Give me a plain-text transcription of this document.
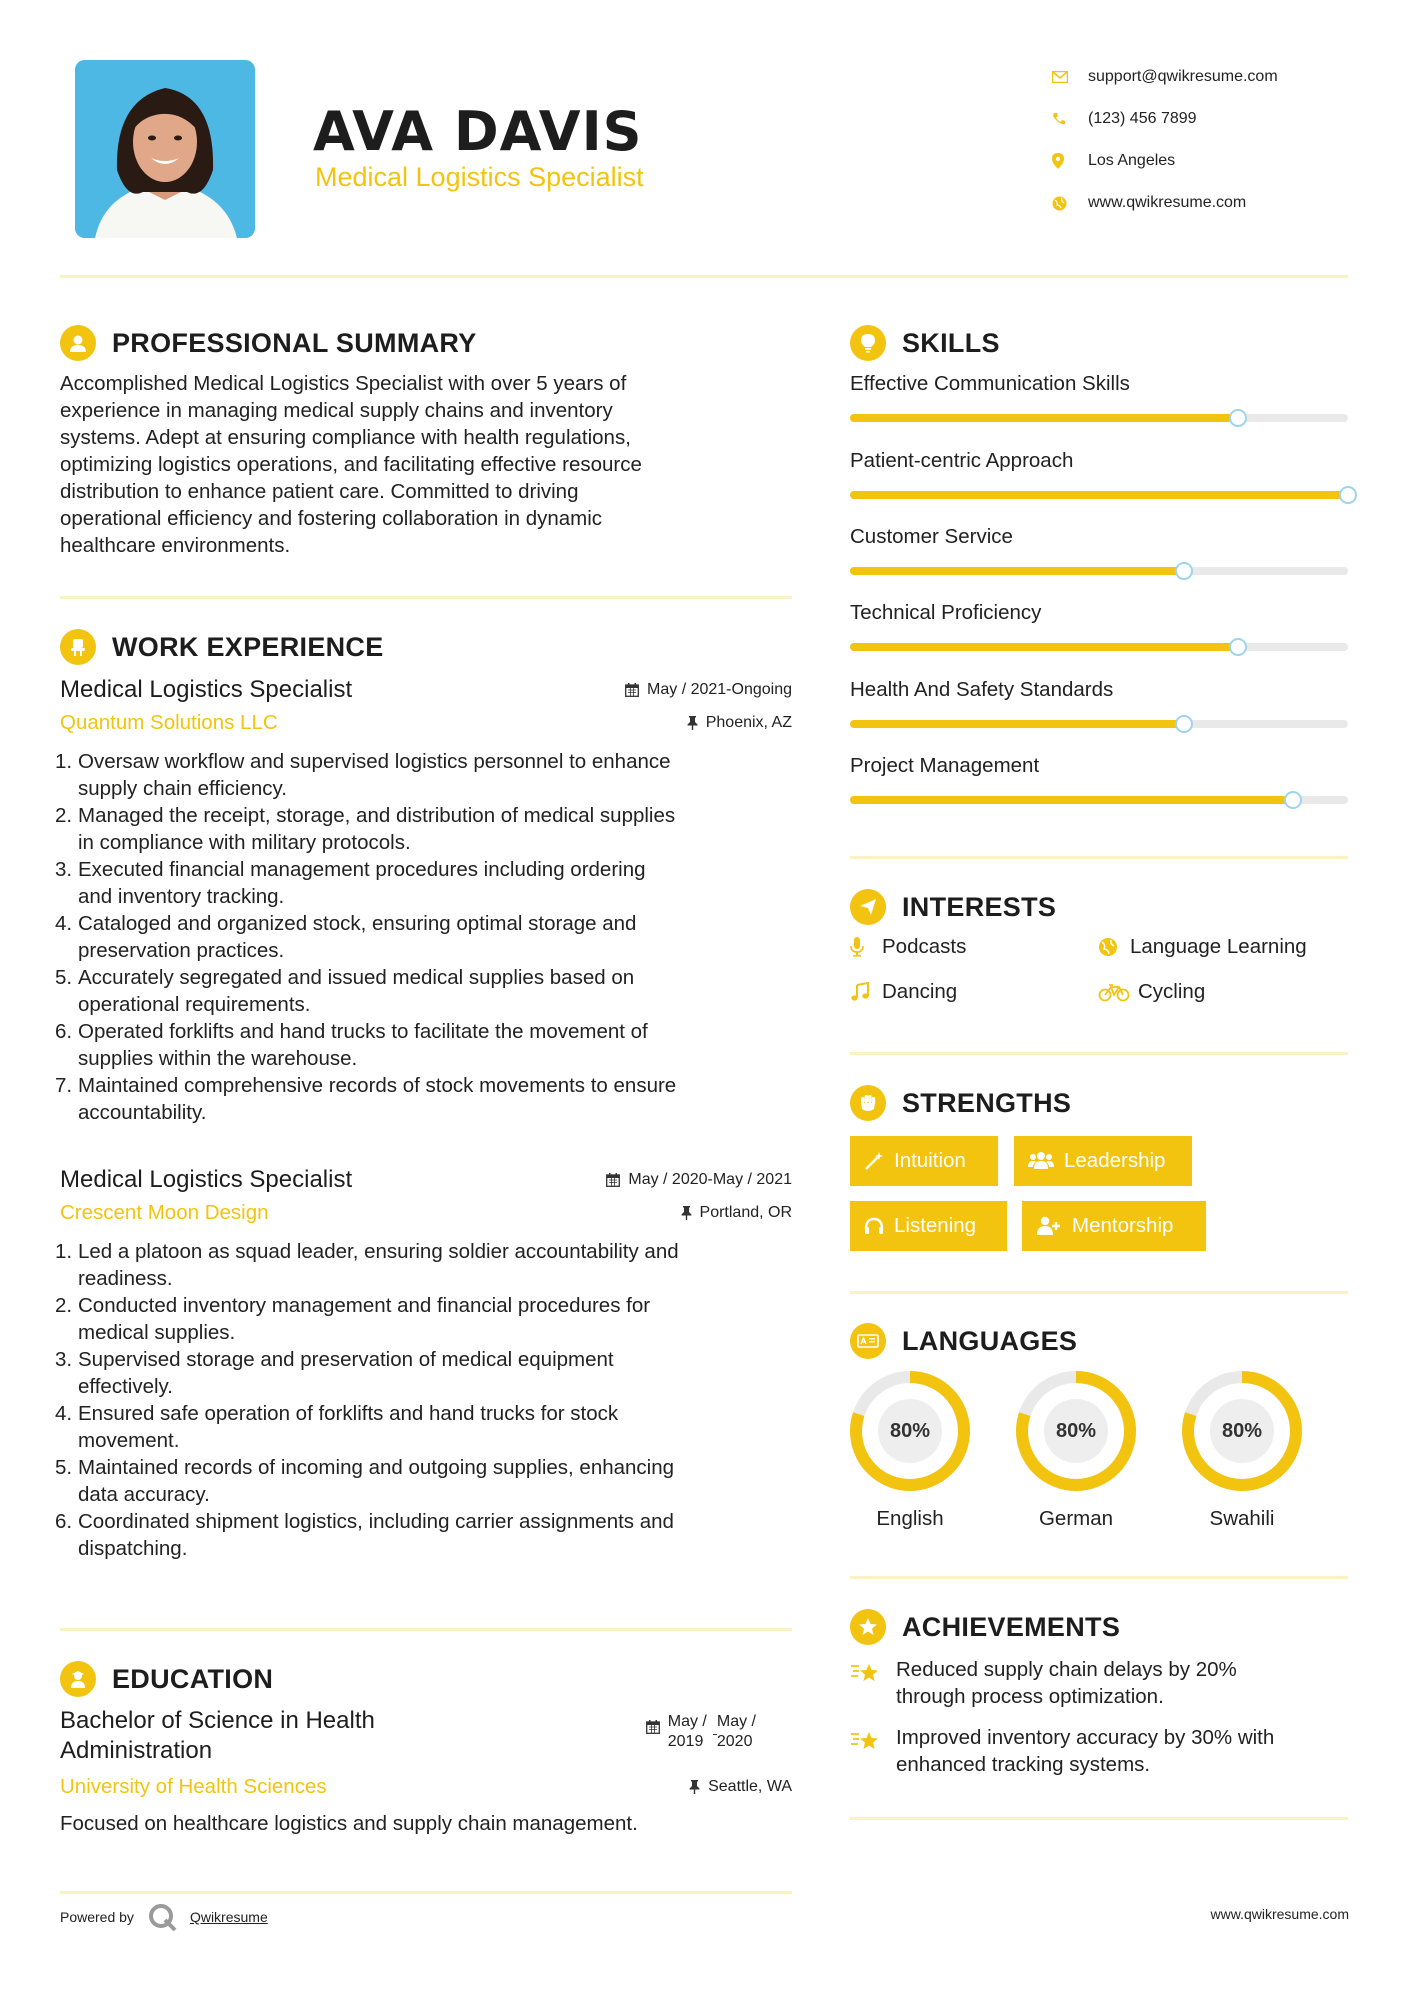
AVA DAVIS
Medical Logistics Specialist
support@qwikresume.com
(123) 456 7899
Los Angeles
www.qwikresume.com
PROFESSIONAL SUMMARY
Accomplished Medical Logistics Specialist with over 5 years of
experience in managing medical supply chains and inventory
systems. Adept at ensuring compliance with health regulations,
optimizing logistics operations, and facilitating effective resource
distribution to enhance patient care. Committed to driving
operational efficiency and fostering collaboration in dynamic
healthcare environments.
WORK EXPERIENCE
Medical Logistics Specialist	May / 2021-Ongoing
Quantum Solutions LLC	Phoenix, AZ
1. Oversaw workflow and supervised logistics personnel to enhance
supply chain efficiency.
2. Managed the receipt, storage, and distribution of medical supplies
in compliance with military protocols.
3. Executed financial management procedures including ordering
and inventory tracking.
4. Cataloged and organized stock, ensuring optimal storage and
preservation practices.
5. Accurately segregated and issued medical supplies based on
operational requirements.
6. Operated forklifts and hand trucks to facilitate the movement of
supplies within the warehouse.
7. Maintained comprehensive records of stock movements to ensure
accountability.
Medical Logistics Specialist	May / 2020-May / 2021
Crescent Moon Design	Portland, OR
1. Led a platoon as squad leader, ensuring soldier accountability and
readiness.
2. Conducted inventory management and financial procedures for
medical supplies.
3. Supervised storage and preservation of medical equipment
effectively.
4. Ensured safe operation of forklifts and hand trucks for stock
movement.
5. Maintained records of incoming and outgoing supplies, enhancing
data accuracy.
6. Coordinated shipment logistics, including carrier assignments and
dispatching.
EDUCATION
Bachelor of Science in Health
Administration
May /
2019
May /
2020
University of Health Sciences	Seattle, WA
Focused on healthcare logistics and supply chain management.
SKILLS
Effective Communication Skills
Patient-centric Approach
Customer Service
Technical Proficiency
Health And Safety Standards
Project Management
INTERESTS
Podcasts	Language Learning
Dancing	Cycling
STRENGTHS
Intuition	Leadership
Listening	Mentorship
LANGUAGES
80%
English
80%
German
80%
Swahili
ACHIEVEMENTS
Reduced supply chain delays by 20%
through process optimization.
Improved inventory accuracy by 30% with
enhanced tracking systems.
Powered by	Qwikresume	www.qwikresume.com
